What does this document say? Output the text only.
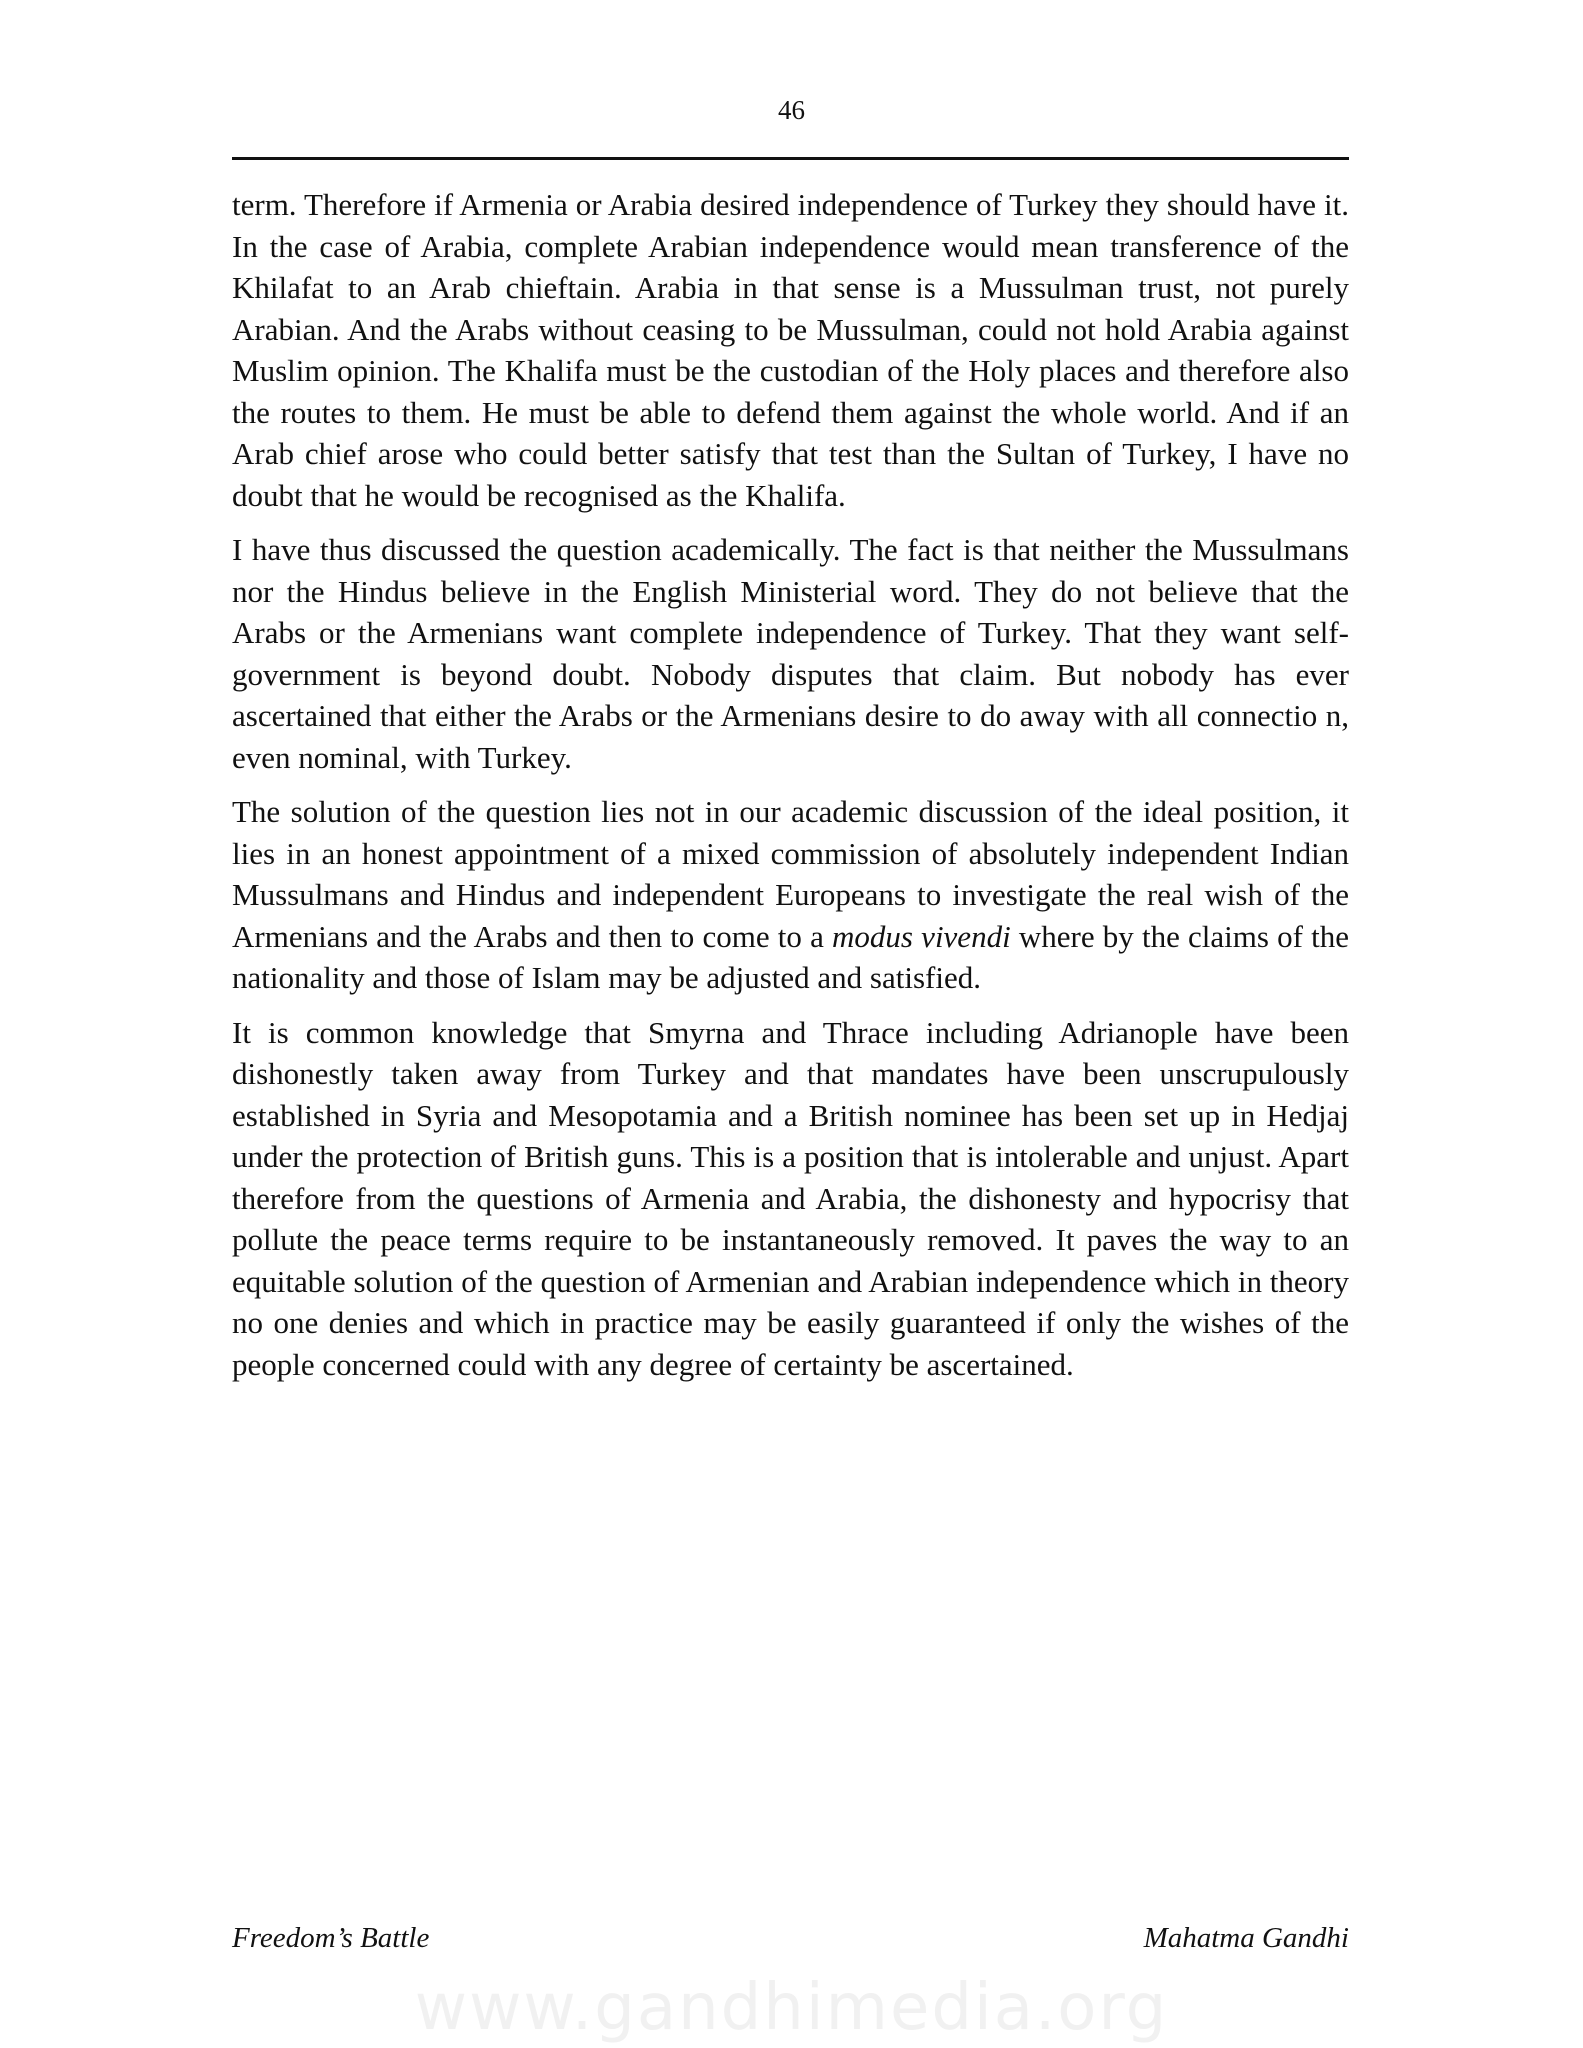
46

term. Therefore if Armenia or Arabia desired independence of Turkey they should have it. In the case of Arabia, complete Arabian independence would mean transference of the Khilafat to an Arab chieftain. Arabia in that sense is a Mussulman trust, not purely Arabian. And the Arabs without ceasing to be Mussulman, could not hold Arabia against Muslim opinion. The Khalifa must be the custodian of the Holy places and therefore also the routes to them. He must be able to defend them against the whole world. And if an Arab chief arose who could better satisfy that test than the Sultan of Turkey, I have no doubt that he would be recognised as the Khalifa.

I have thus discussed the question academically. The fact is that neither the Mussulmans nor the Hindus believe in the English Ministerial word. They do not believe that the Arabs or the Armenians want complete independence of Turkey. That they want self-government is beyond doubt. Nobody disputes that claim. But nobody has ever ascertained that either the Arabs or the Armenians desire to do away with all connectio n, even nominal, with Turkey.

The solution of the question lies not in our academic discussion of the ideal position, it lies in an honest appointment of a mixed commission of absolutely independent Indian Mussulmans and Hindus and independent Europeans to investigate the real wish of the Armenians and the Arabs and then to come to a modus vivendi where by the claims of the nationality and those of Islam may be adjusted and satisfied.

It is common knowledge that Smyrna and Thrace including Adrianople have been dishonestly taken away from Turkey and that mandates have been unscrupulously established in Syria and Mesopotamia and a British nominee has been set up in Hedjaj under the protection of British guns. This is a position that is intolerable and unjust. Apart therefore from the questions of Armenia and Arabia, the dishonesty and hypocrisy that pollute the peace terms require to be instantaneously removed. It paves the way to an equitable solution of the question of Armenian and Arabian independence which in theory no one denies and which in practice may be easily guaranteed if only the wishes of the people concerned could with any degree of certainty be ascertained.

Freedom’s Battle	Mahatma Gandhi
www.gandhimedia.org
